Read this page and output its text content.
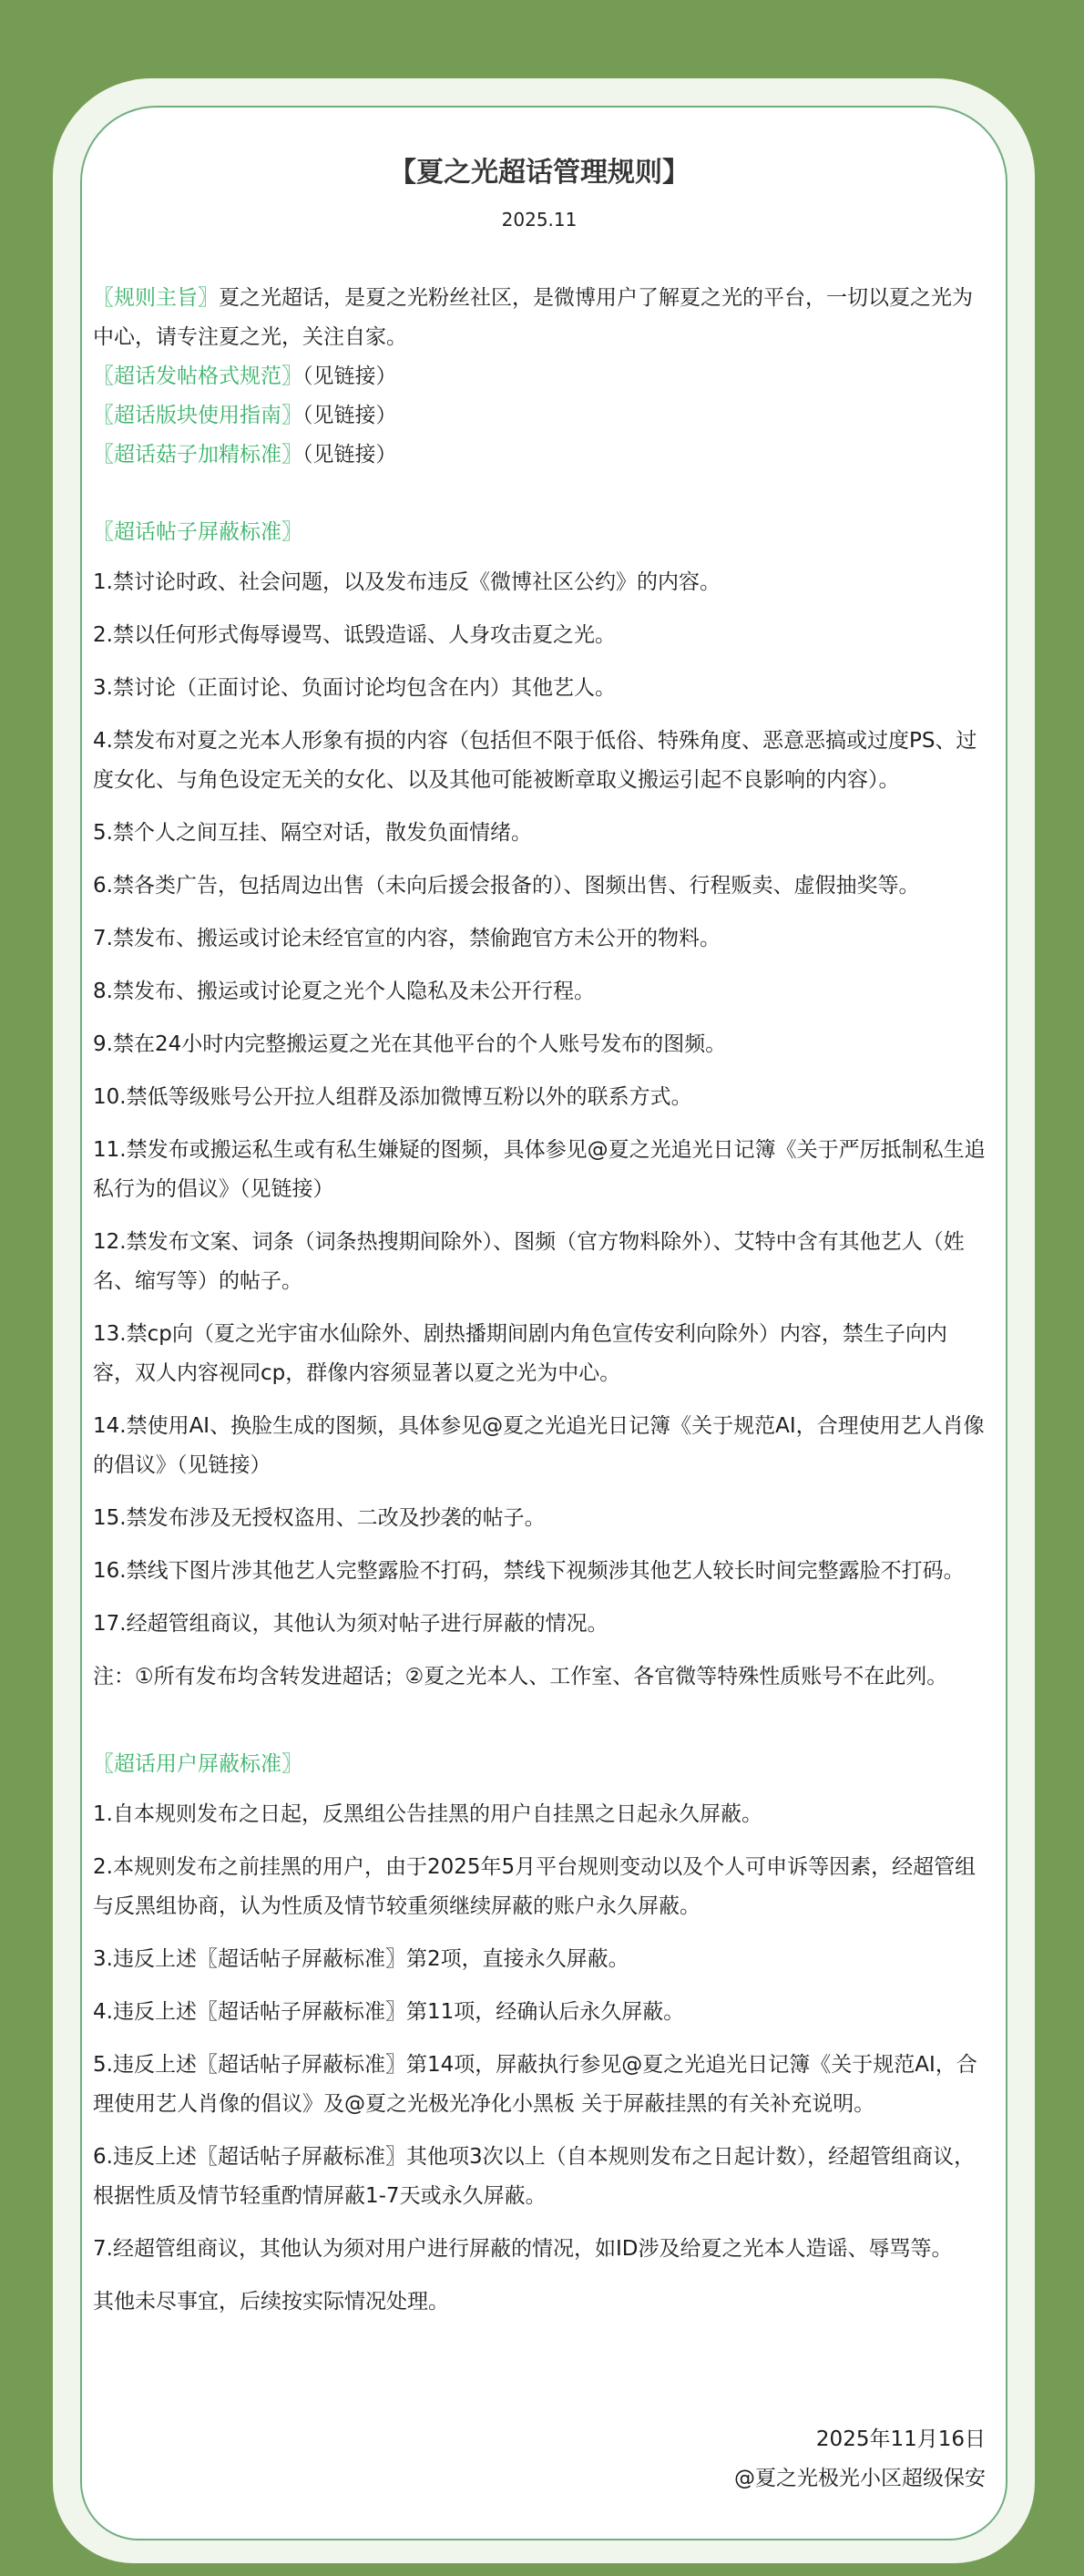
【夏之光超话管理规则】
2025.11

〖规则主旨〗夏之光超话，是夏之光粉丝社区，是微博用户了解夏之光的平台，一切以夏之光为中心，请专注夏之光，关注自家。

〖超话发帖格式规范〗（见链接）

〖超话版块使用指南〗（见链接）

〖超话菇子加精标准〗（见链接）

〖超话帖子屏蔽标准〗

1.禁讨论时政、社会问题，以及发布违反《微博社区公约》的内容。

2.禁以任何形式侮辱谩骂、诋毁造谣、人身攻击夏之光。

3.禁讨论（正面讨论、负面讨论均包含在内）其他艺人。

4.禁发布对夏之光本人形象有损的内容（包括但不限于低俗、特殊角度、恶意恶搞或过度PS、过度女化、与角色设定无关的女化、以及其他可能被断章取义搬运引起不良影响的内容）。

5.禁个人之间互挂、隔空对话，散发负面情绪。

6.禁各类广告，包括周边出售（未向后援会报备的）、图频出售、行程贩卖、虚假抽奖等。

7.禁发布、搬运或讨论未经官宣的内容，禁偷跑官方未公开的物料。

8.禁发布、搬运或讨论夏之光个人隐私及未公开行程。

9.禁在24小时内完整搬运夏之光在其他平台的个人账号发布的图频。

10.禁低等级账号公开拉人组群及添加微博互粉以外的联系方式。

11.禁发布或搬运私生或有私生嫌疑的图频，具体参见@夏之光追光日记簿《关于严厉抵制私生追私行为的倡议》（见链接）

12.禁发布文案、词条（词条热搜期间除外）、图频（官方物料除外）、艾特中含有其他艺人（姓名、缩写等）的帖子。

13.禁cp向（夏之光宇宙水仙除外、剧热播期间剧内角色宣传安利向除外）内容，禁生子向内容，双人内容视同cp，群像内容须显著以夏之光为中心。

14.禁使用AI、换脸生成的图频，具体参见@夏之光追光日记簿《关于规范AI，合理使用艺人肖像的倡议》（见链接）

15.禁发布涉及无授权盗用、二改及抄袭的帖子。

16.禁线下图片涉其他艺人完整露脸不打码，禁线下视频涉其他艺人较长时间完整露脸不打码。

17.经超管组商议，其他认为须对帖子进行屏蔽的情况。

注：①所有发布均含转发进超话；②夏之光本人、工作室、各官微等特殊性质账号不在此列。

〖超话用户屏蔽标准〗

1.自本规则发布之日起，反黑组公告挂黑的用户自挂黑之日起永久屏蔽。

2.本规则发布之前挂黑的用户，由于2025年5月平台规则变动以及个人可申诉等因素，经超管组与反黑组协商，认为性质及情节较重须继续屏蔽的账户永久屏蔽。

3.违反上述〖超话帖子屏蔽标准〗第2项，直接永久屏蔽。

4.违反上述〖超话帖子屏蔽标准〗第11项，经确认后永久屏蔽。

5.违反上述〖超话帖子屏蔽标准〗第14项，屏蔽执行参见@夏之光追光日记簿《关于规范AI，合理使用艺人肖像的倡议》及@夏之光极光净化小黑板 关于屏蔽挂黑的有关补充说明。

6.违反上述〖超话帖子屏蔽标准〗其他项3次以上（自本规则发布之日起计数），经超管组商议，根据性质及情节轻重酌情屏蔽1-7天或永久屏蔽。

7.经超管组商议，其他认为须对用户进行屏蔽的情况，如ID涉及给夏之光本人造谣、辱骂等。

其他未尽事宜，后续按实际情况处理。

2025年11月16日
@夏之光极光小区超级保安
